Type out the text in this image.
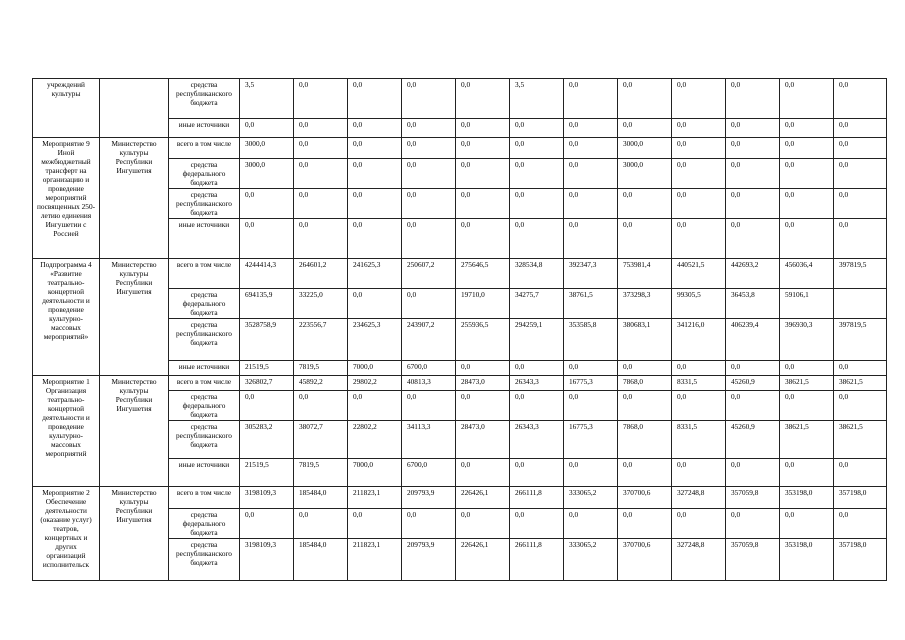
учреждений культуры		средства республиканского бюджета	3,5	0,0	0,0	0,0	0,0	3,5	0,0	0,0	0,0	0,0	0,0	0,0
		иные источники	0,0	0,0	0,0	0,0	0,0	0,0	0,0	0,0	0,0	0,0	0,0	0,0
Мероприятие 9 Иной межбюджетный трансферт на организацию и проведение мероприятий посвященных 250-летию единения Ингушетии с Россией	Министерство культуры Республики Ингушетия	всего в том числе	3000,0	0,0	0,0	0,0	0,0	0,0	0,0	3000,0	0,0	0,0	0,0	0,0
		средства федерального бюджета	3000,0	0,0	0,0	0,0	0,0	0,0	0,0	3000,0	0,0	0,0	0,0	0,0
		средства республиканского бюджета	0,0	0,0	0,0	0,0	0,0	0,0	0,0	0,0	0,0	0,0	0,0	0,0
		иные источники	0,0	0,0	0,0	0,0	0,0	0,0	0,0	0,0	0,0	0,0	0,0	0,0
Подпрограмма 4 «Развитие театрально-концертной деятельности и проведение культурно-массовых мероприятий»	Министерство культуры Республики Ингушетия	всего в том числе	4244414,3	264601,2	241625,3	250607,2	275646,5	328534,8	392347,3	753981,4	440521,5	442693,2	456036,4	397819,5
		средства федерального бюджета	694135,9	33225,0	0,0	0,0	19710,0	34275,7	38761,5	373298,3	99305,5	36453,8	59106,1	
		средства республиканского бюджета	3528758,9	223556,7	234625,3	243907,2	255936,5	294259,1	353585,8	380683,1	341216,0	406239,4	396930,3	397819,5
		иные источники	21519,5	7819,5	7000,0	6700,0	0,0	0,0	0,0	0,0	0,0	0,0	0,0	0,0
Мероприятие 1 Организация театрально-концертной деятельности и проведение культурно-массовых мероприятий	Министерство культуры Республики Ингушетия	всего в том числе	326802,7	45892,2	29802,2	40813,3	28473,0	26343,3	16775,3	7868,0	8331,5	45260,9	38621,5	38621,5
		средства федерального бюджета	0,0	0,0	0,0	0,0	0,0	0,0	0,0	0,0	0,0	0,0	0,0	0,0
		средства республиканского бюджета	305283,2	38072,7	22802,2	34113,3	28473,0	26343,3	16775,3	7868,0	8331,5	45260,9	38621,5	38621,5
		иные источники	21519,5	7819,5	7000,0	6700,0	0,0	0,0	0,0	0,0	0,0	0,0	0,0	0,0
Мероприятие 2 Обеспечение деятельности (оказание услуг) театров, концертных и других организаций исполнительск	Министерство культуры Республики Ингушетия	всего в том числе	3198109,3	185484,0	211823,1	209793,9	226426,1	266111,8	333065,2	370700,6	327248,8	357059,8	353198,0	357198,0
		средства федерального бюджета	0,0	0,0	0,0	0,0	0,0	0,0	0,0	0,0	0,0	0,0	0,0	0,0
		средства республиканского бюджета	3198109,3	185484,0	211823,1	209793,9	226426,1	266111,8	333065,2	370700,6	327248,8	357059,8	353198,0	357198,0
